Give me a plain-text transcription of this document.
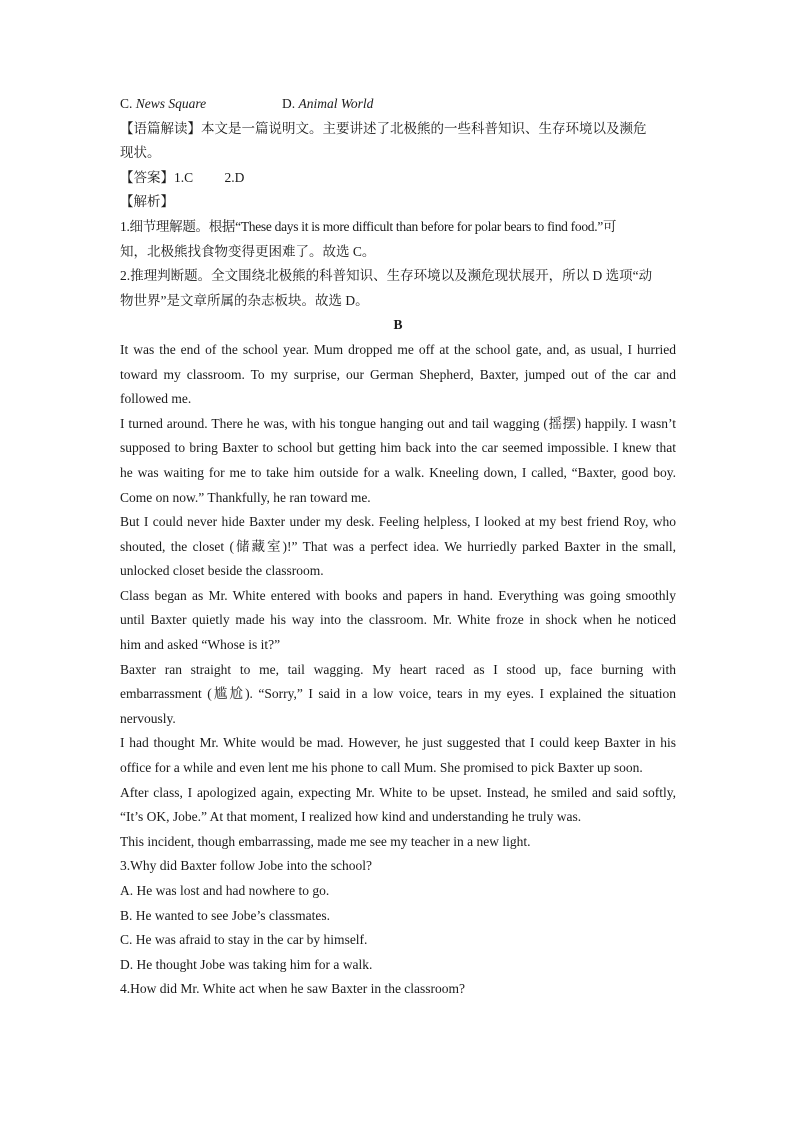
C. News Square	D. Animal World
【语篇解读】本文是一篇说明文。主要讲述了北极熊的一些科普知识、生存环境以及濒危
现状。
【答案】1.C 2.D
【解析】
1.细节理解题。根据“These days it is more difficult than before for polar bears to find food.”可
知，北极熊找食物变得更困难了。故选 C。
2.推理判断题。全文围绕北极熊的科普知识、生存环境以及濒危现状展开，所以 D 选项“动
物世界”是文章所属的杂志板块。故选 D。
B
It was the end of the school year. Mum dropped me off at the school gate, and, as usual, I hurried
toward my classroom. To my surprise, our German Shepherd, Baxter, jumped out of the car and
followed me.
I turned around. There he was, with his tongue hanging out and tail wagging (摇摆) happily. I wasn’t
supposed to bring Baxter to school but getting him back into the car seemed impossible. I knew that
he was waiting for me to take him outside for a walk. Kneeling down, I called, “Baxter, good boy.
Come on now.” Thankfully, he ran toward me.
But I could never hide Baxter under my desk. Feeling helpless, I looked at my best friend Roy, who
shouted, the closet (储藏室)!” That was a perfect idea. We hurriedly parked Baxter in the small,
unlocked closet beside the classroom.
Class began as Mr. White entered with books and papers in hand. Everything was going smoothly
until Baxter quietly made his way into the classroom. Mr. White froze in shock when he noticed
him and asked “Whose is it?”
Baxter ran straight to me, tail wagging. My heart raced as I stood up, face burning with
embarrassment (尴尬). “Sorry,” I said in a low voice, tears in my eyes. I explained the situation
nervously.
I had thought Mr. White would be mad. However, he just suggested that I could keep Baxter in his
office for a while and even lent me his phone to call Mum. She promised to pick Baxter up soon.
After class, I apologized again, expecting Mr. White to be upset. Instead, he smiled and said softly,
“It’s OK, Jobe.” At that moment, I realized how kind and understanding he truly was.
This incident, though embarrassing, made me see my teacher in a new light.
3.Why did Baxter follow Jobe into the school?
A. He was lost and had nowhere to go.
B. He wanted to see Jobe’s classmates.
C. He was afraid to stay in the car by himself.
D. He thought Jobe was taking him for a walk.
4.How did Mr. White act when he saw Baxter in the classroom?
